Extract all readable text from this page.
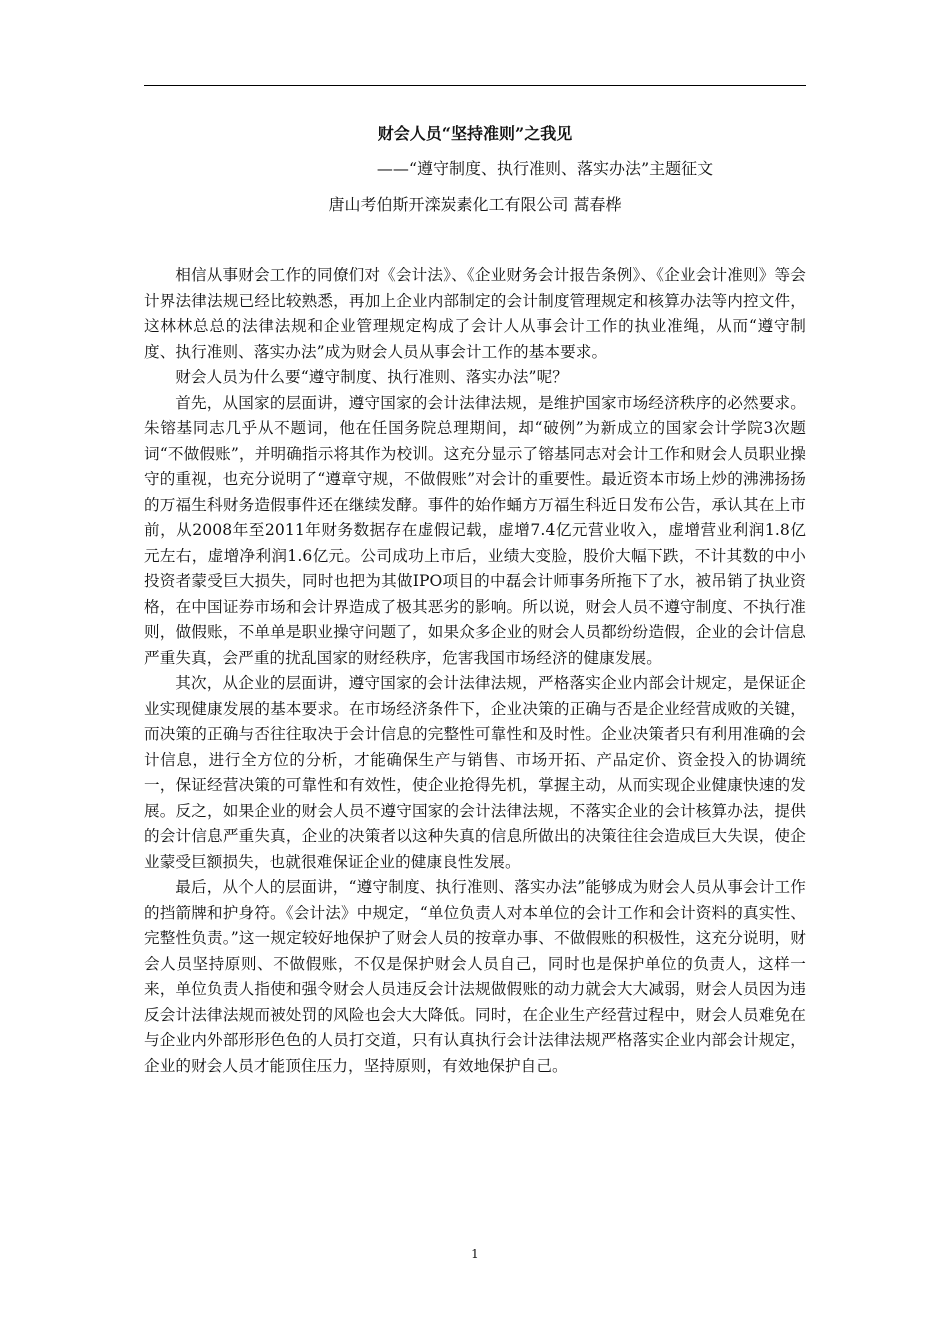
财会人员“坚持准则”之我见
——“遵守制度、执行准则、落实办法”主题征文
唐山考伯斯开滦炭素化工有限公司 蒿春桦

相信从事财会工作的同僚们对《会计法》、《企业财务会计报告条例》、《企业会计准则》等会计界法律法规已经比较熟悉，再加上企业内部制定的会计制度管理规定和核算办法等内控文件，这林林总总的法律法规和企业管理规定构成了会计人从事会计工作的执业准绳，从而“遵守制度、执行准则、落实办法”成为财会人员从事会计工作的基本要求。

财会人员为什么要“遵守制度、执行准则、落实办法”呢？

首先，从国家的层面讲，遵守国家的会计法律法规，是维护国家市场经济秩序的必然要求。朱镕基同志几乎从不题词，他在任国务院总理期间，却“破例”为新成立的国家会计学院3次题词“不做假账”，并明确指示将其作为校训。这充分显示了镕基同志对会计工作和财会人员职业操守的重视，也充分说明了“遵章守规，不做假账”对会计的重要性。最近资本市场上炒的沸沸扬扬的万福生科财务造假事件还在继续发酵。事件的始作蛹方万福生科近日发布公告，承认其在上市前，从2008年至2011年财务数据存在虚假记载，虚增7.4亿元营业收入，虚增营业利润1.8亿元左右，虚增净利润1.6亿元。公司成功上市后，业绩大变脸，股价大幅下跌，不计其数的中小投资者蒙受巨大损失，同时也把为其做IPO项目的中磊会计师事务所拖下了水，被吊销了执业资格，在中国证券市场和会计界造成了极其恶劣的影响。所以说，财会人员不遵守制度、不执行准则，做假账，不单单是职业操守问题了，如果众多企业的财会人员都纷纷造假，企业的会计信息严重失真，会严重的扰乱国家的财经秩序，危害我国市场经济的健康发展。

其次，从企业的层面讲，遵守国家的会计法律法规，严格落实企业内部会计规定，是保证企业实现健康发展的基本要求。在市场经济条件下，企业决策的正确与否是企业经营成败的关键，而决策的正确与否往往取决于会计信息的完整性可靠性和及时性。企业决策者只有利用准确的会计信息，进行全方位的分析，才能确保生产与销售、市场开拓、产品定价、资金投入的协调统一，保证经营决策的可靠性和有效性，使企业抢得先机，掌握主动，从而实现企业健康快速的发展。反之，如果企业的财会人员不遵守国家的会计法律法规，不落实企业的会计核算办法，提供的会计信息严重失真，企业的决策者以这种失真的信息所做出的决策往往会造成巨大失误，使企业蒙受巨额损失，也就很难保证企业的健康良性发展。

最后，从个人的层面讲，“遵守制度、执行准则、落实办法”能够成为财会人员从事会计工作的挡箭牌和护身符。《会计法》中规定，“单位负责人对本单位的会计工作和会计资料的真实性、完整性负责。”这一规定较好地保护了财会人员的按章办事、不做假账的积极性，这充分说明，财会人员坚持原则、不做假账，不仅是保护财会人员自己，同时也是保护单位的负责人，这样一来，单位负责人指使和强令财会人员违反会计法规做假账的动力就会大大减弱，财会人员因为违反会计法律法规而被处罚的风险也会大大降低。同时，在企业生产经营过程中，财会人员难免在与企业内外部形形色色的人员打交道，只有认真执行会计法律法规严格落实企业内部会计规定，企业的财会人员才能顶住压力，坚持原则，有效地保护自己。

1
